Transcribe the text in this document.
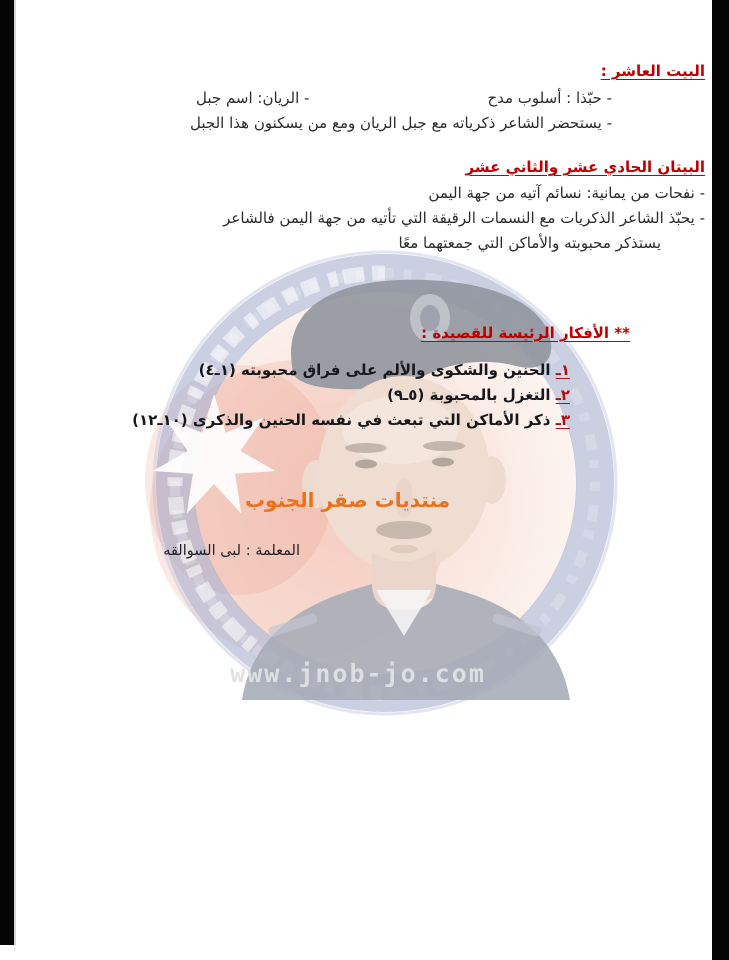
www.jnob-jo.com
البيت العاشر :
- حبّذا : أسلوب مدح
- الريان: اسم جبل
- يستحضر الشاعر ذكرياته مع جبل الريان ومع من يسكنون هذا الجبل
البيتان الحادي عشر والثاني عشر
- نفحات من يمانية: نسائم آتيه من جهة اليمن
- يحبّذ الشاعر الذكريات مع النسمات الرقيقة التي تأتيه من جهة اليمن فالشاعر
يستذكر محبوبته والأماكن التي جمعتهما معًا
** الأفكار الرئيسة للقصيدة :
١ـ الحنين والشكوى والألم على فراق محبوبته (١ـ٤)
٢ـ التغزل بالمحبوبة (٥ـ٩)
٣ـ ذكر الأماكن التي تبعث في نفسه الحنين والذكرى (١٠ـ١٢)
منتديات صقر الجنوب
المعلمة : لبى السوالقه
